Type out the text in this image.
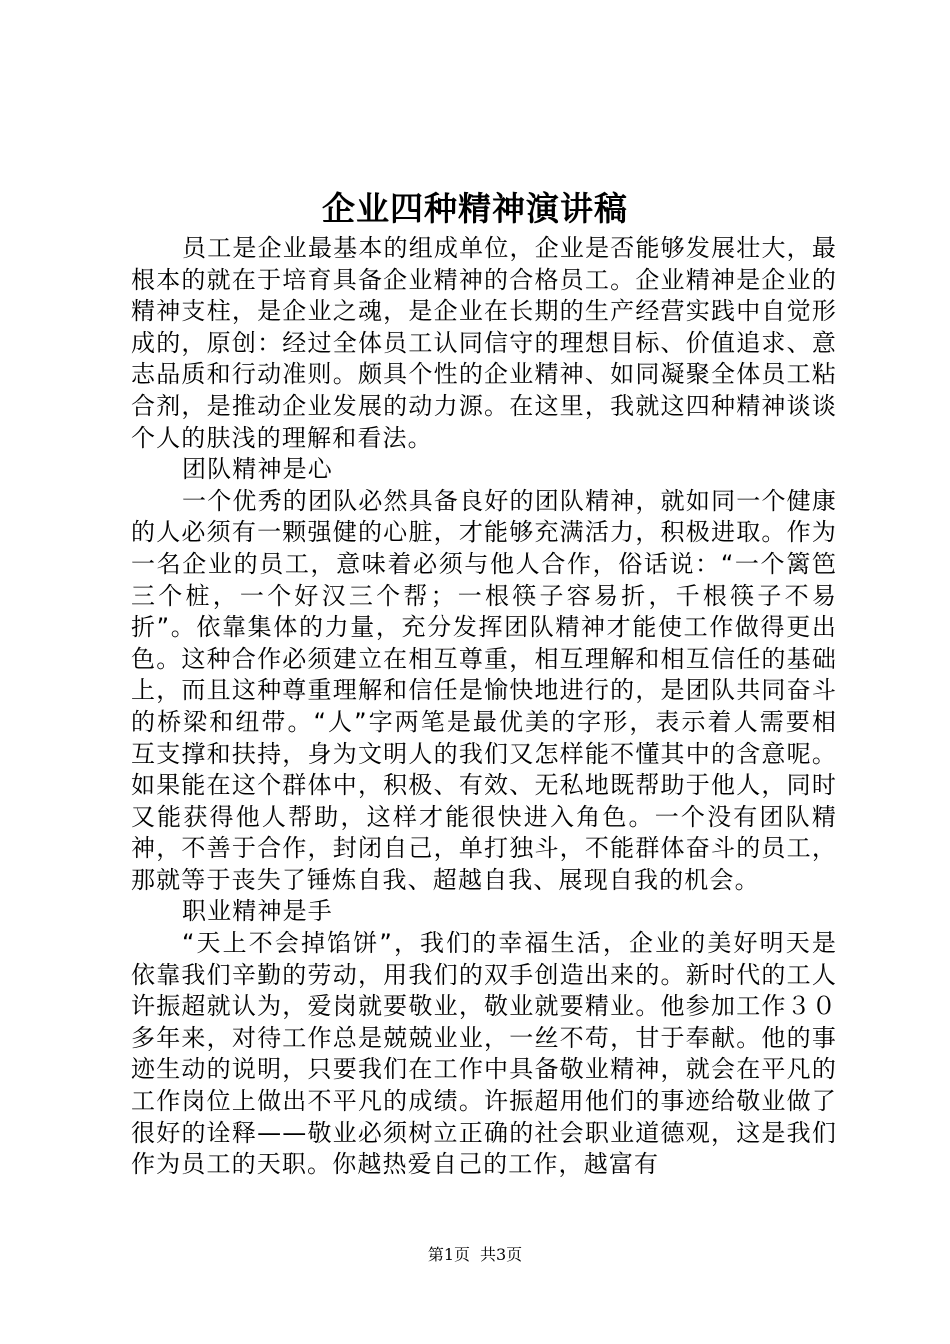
企业四种精神演讲稿

员工是企业最基本的组成单位，企业是否能够发展壮大，最根本的就在于培育具备企业精神的合格员工。企业精神是企业的精神支柱，是企业之魂，是企业在长期的生产经营实践中自觉形成的，原创：经过全体员工认同信守的理想目标、价值追求、意志品质和行动准则。颇具个性的企业精神、如同凝聚全体员工粘合剂，是推动企业发展的动力源。在这里，我就这四种精神谈谈个人的肤浅的理解和看法。

团队精神是心

一个优秀的团队必然具备良好的团队精神，就如同一个健康的人必须有一颗强健的心脏，才能够充满活力，积极进取。作为一名企业的员工，意味着必须与他人合作，俗话说：“一个篱笆三个桩，一个好汉三个帮；一根筷子容易折，千根筷子不易折”。依靠集体的力量，充分发挥团队精神才能使工作做得更出色。这种合作必须建立在相互尊重，相互理解和相互信任的基础上，而且这种尊重理解和信任是愉快地进行的，是团队共同奋斗的桥梁和纽带。“人”字两笔是最优美的字形，表示着人需要相互支撑和扶持，身为文明人的我们又怎样能不懂其中的含意呢。如果能在这个群体中，积极、有效、无私地既帮助于他人，同时又能获得他人帮助，这样才能很快进入角色。一个没有团队精神，不善于合作，封闭自己，单打独斗，不能群体奋斗的员工，那就等于丧失了锤炼自我、超越自我、展现自我的机会。

职业精神是手

“天上不会掉馅饼”，我们的幸福生活，企业的美好明天是依靠我们辛勤的劳动，用我们的双手创造出来的。新时代的工人许振超就认为，爱岗就要敬业，敬业就要精业。他参加工作３０多年来，对待工作总是兢兢业业，一丝不苟，甘于奉献。他的事迹生动的说明，只要我们在工作中具备敬业精神，就会在平凡的工作岗位上做出不平凡的成绩。许振超用他们的事迹给敬业做了很好的诠释——敬业必须树立正确的社会职业道德观，这是我们作为员工的天职。你越热爱自己的工作，越富有

第1页 共3页
